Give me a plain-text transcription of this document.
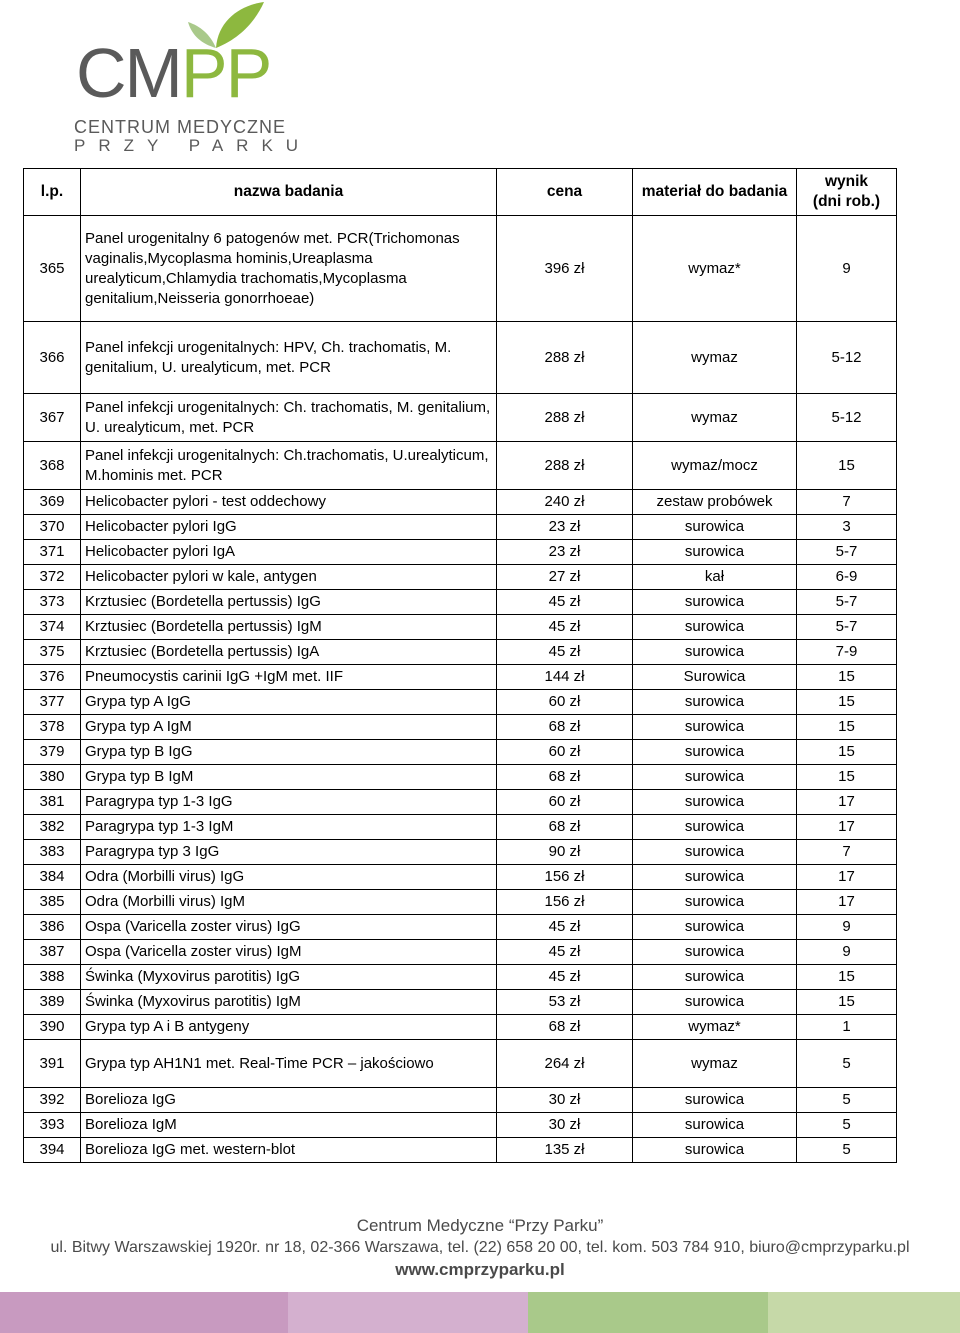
CMPP
CENTRUM MEDYCZNE
PRZY PARKU
l.p.	nazwa badania	cena	materiał do badania	wynik
(dni rob.)

365	Panel urogenitalny 6 patogenów met. PCR(Trichomonas vaginalis,Mycoplasma hominis,Ureaplasma urealyticum,Chlamydia trachomatis,Mycoplasma genitalium,Neisseria gonorrhoeae)	396 zł	wymaz*	9
366	Panel infekcji urogenitalnych: HPV, Ch. trachomatis, M. genitalium, U. urealyticum, met. PCR	288 zł	wymaz	5-12
367	Panel infekcji urogenitalnych: Ch. trachomatis, M. genitalium, U. urealyticum, met. PCR	288 zł	wymaz	5-12
368	Panel infekcji urogenitalnych: Ch.trachomatis, U.urealyticum, M.hominis met. PCR	288 zł	wymaz/mocz	15
369	Helicobacter pylori - test oddechowy	240 zł	zestaw probówek	7
370	Helicobacter pylori IgG	23 zł	surowica	3
371	Helicobacter pylori IgA	23 zł	surowica	5-7
372	Helicobacter pylori w kale, antygen	27 zł	kał	6-9
373	Krztusiec (Bordetella pertussis) IgG	45 zł	surowica	5-7
374	Krztusiec (Bordetella pertussis) IgM	45 zł	surowica	5-7
375	Krztusiec (Bordetella pertussis) IgA	45 zł	surowica	7-9
376	Pneumocystis carinii IgG +IgM met. IIF	144 zł	Surowica	15
377	Grypa typ A IgG	60 zł	surowica	15
378	Grypa typ A IgM	68 zł	surowica	15
379	Grypa typ B IgG	60 zł	surowica	15
380	Grypa typ B IgM	68 zł	surowica	15
381	Paragrypa typ 1-3 IgG	60 zł	surowica	17
382	Paragrypa typ 1-3 IgM	68 zł	surowica	17
383	Paragrypa typ 3 IgG	90 zł	surowica	7
384	Odra (Morbilli virus) IgG	156 zł	surowica	17
385	Odra (Morbilli virus) IgM	156 zł	surowica	17
386	Ospa (Varicella zoster virus) IgG	45 zł	surowica	9
387	Ospa (Varicella zoster virus) IgM	45 zł	surowica	9
388	Świnka (Myxovirus parotitis) IgG	45 zł	surowica	15
389	Świnka (Myxovirus parotitis) IgM	53 zł	surowica	15
390	Grypa typ A i B antygeny	68 zł	wymaz*	1
391	Grypa typ AH1N1 met. Real-Time PCR – jakościowo	264 zł	wymaz	5
392	Borelioza IgG	30 zł	surowica	5
393	Borelioza IgM	30 zł	surowica	5
394	Borelioza IgG met. western-blot	135 zł	surowica	5
Centrum Medyczne “Przy Parku”
ul. Bitwy Warszawskiej 1920r. nr 18, 02-366 Warszawa, tel. (22) 658 20 00, tel. kom. 503 784 910, biuro@cmprzyparku.pl
www.cmprzyparku.pl
